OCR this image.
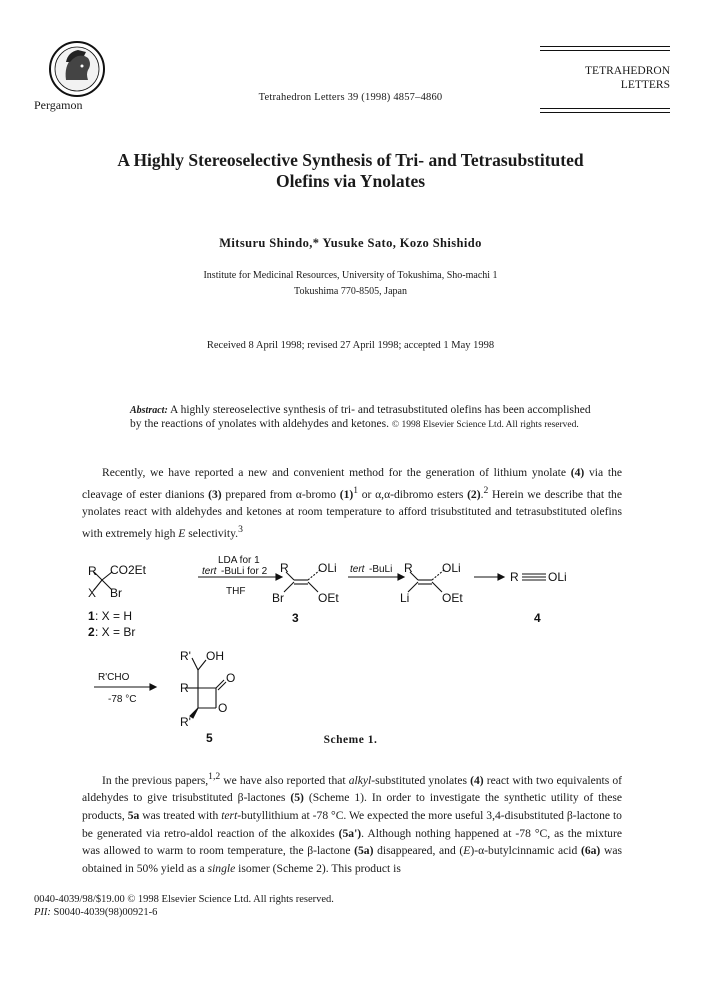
Pergamon
Tetrahedron Letters 39 (1998) 4857–4860
TETRAHEDRON
LETTERS
A Highly Stereoselective Synthesis of Tri- and Tetrasubstituted
Olefins via Ynolates
Mitsuru Shindo,* Yusuke Sato, Kozo Shishido
Institute for Medicinal Resources, University of Tokushima, Sho-machi 1
Tokushima 770-8505, Japan
Received 8 April 1998; revised 27 April 1998; accepted 1 May 1998
Abstract: A highly stereoselective synthesis of tri- and tetrasubstituted olefins has been accomplished by the reactions of ynolates with aldehydes and ketones. © 1998 Elsevier Science Ltd. All rights reserved.
Recently, we have reported a new and convenient method for the generation of lithium ynolate (4) via the cleavage of ester dianions (3) prepared from α-bromo $(1)^1$ or α,α-dibromo esters (2).$^2$ Herein we describe that the ynolates react with aldehydes and ketones at room temperature to afford trisubstituted and tetrasubstituted olefins with extremely high E selectivity.$^3$
R CO2Et
X Br
LDA for 1
tert -BuLi for 2
THF
R OLi
Br	OEt
tert -BuLi R OLi
Li	OEt
R OLi
1 : X = H
2 : X = Br
3	4
R'CHO
-78 °C
R' OH
R
O
O
R'
5	Scheme 1.
In the previous papers,$^{1,2}$ we have also reported that alkyl-substituted ynolates (4) react with two equivalents of aldehydes to give trisubstituted β-lactones (5) (Scheme 1). In order to investigate the synthetic utility of these products, 5a was treated with tert-butyllithium at -78 °C. We expected the more useful 3,4-disubstituted β-lactone to be generated via retro-aldol reaction of the alkoxides (5a'). Although nothing happened at -78 °C, as the mixture was allowed to warm to room temperature, the β-lactone (5a) disappeared, and (E)-α-butylcinnamic acid (6a) was obtained in 50% yield as a single isomer (Scheme 2). This product is
0040-4039/98/$19.00 © 1998 Elsevier Science Ltd. All rights reserved.
PII: S0040-4039(98)00921-6
